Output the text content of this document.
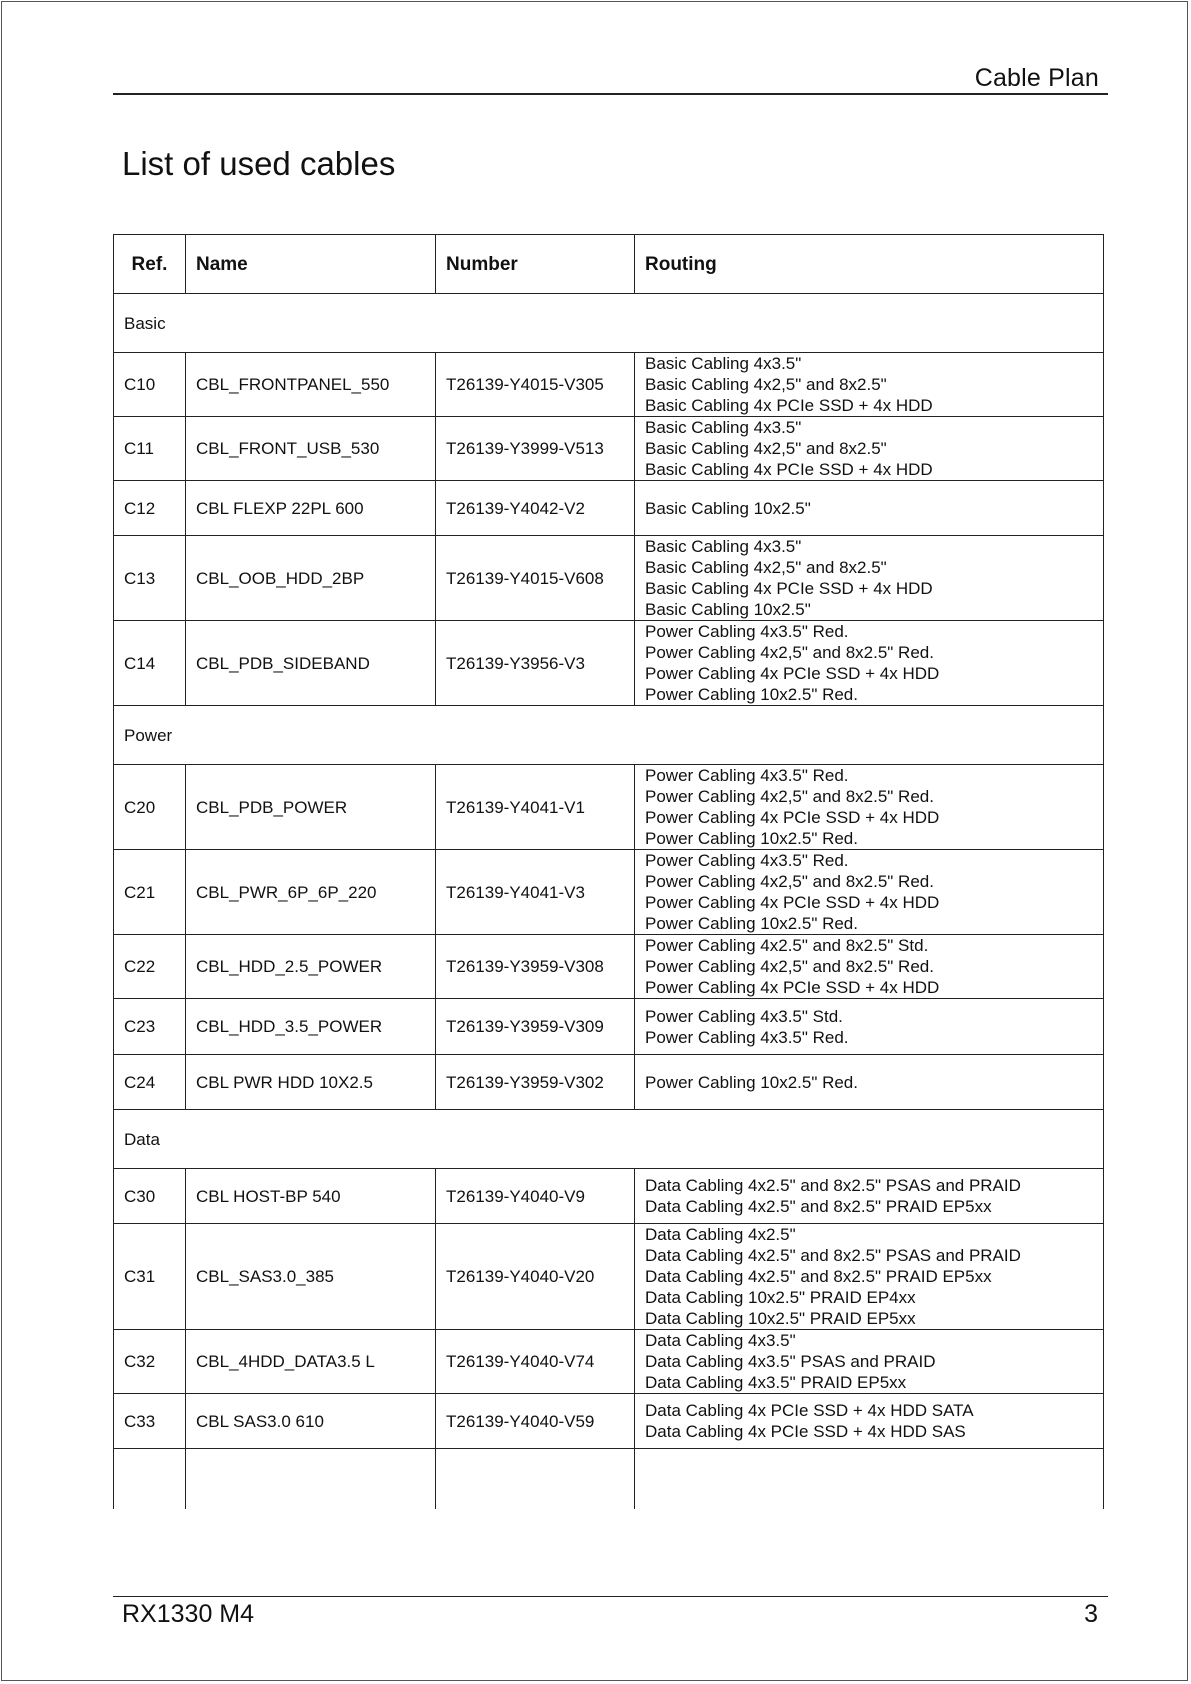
Cable Plan
List of used cables
Ref.	Name	Number	Routing
Basic			
C10	CBL_FRONTPANEL_550	T26139-Y4015-V305	Basic Cabling 4x3.5"
Basic Cabling 4x2,5" and 8x2.5"
Basic Cabling 4x PCIe SSD + 4x HDD

C11	CBL_FRONT_USB_530	T26139-Y3999-V513	Basic Cabling 4x3.5"
Basic Cabling 4x2,5" and 8x2.5"
Basic Cabling 4x PCIe SSD + 4x HDD

C12	CBL FLEXP 22PL 600	T26139-Y4042-V2	Basic Cabling 10x2.5"

C13	CBL_OOB_HDD_2BP	T26139-Y4015-V608	Basic Cabling 4x3.5"
Basic Cabling 4x2,5" and 8x2.5"
Basic Cabling 4x PCIe SSD + 4x HDD
Basic Cabling 10x2.5"

C14	CBL_PDB_SIDEBAND	T26139-Y3956-V3	Power Cabling 4x3.5" Red.
Power Cabling 4x2,5" and 8x2.5" Red.
Power Cabling 4x PCIe SSD + 4x HDD
Power Cabling 10x2.5" Red.

Power			
C20	CBL_PDB_POWER	T26139-Y4041-V1	Power Cabling 4x3.5" Red.
Power Cabling 4x2,5" and 8x2.5" Red.
Power Cabling 4x PCIe SSD + 4x HDD
Power Cabling 10x2.5" Red.

C21	CBL_PWR_6P_6P_220	T26139-Y4041-V3	Power Cabling 4x3.5" Red.
Power Cabling 4x2,5" and 8x2.5" Red.
Power Cabling 4x PCIe SSD + 4x HDD
Power Cabling 10x2.5" Red.

C22	CBL_HDD_2.5_POWER	T26139-Y3959-V308	Power Cabling 4x2.5" and 8x2.5" Std.
Power Cabling 4x2,5" and 8x2.5" Red.
Power Cabling 4x PCIe SSD + 4x HDD

C23	CBL_HDD_3.5_POWER	T26139-Y3959-V309	Power Cabling 4x3.5" Std.
Power Cabling 4x3.5" Red.

C24	CBL PWR HDD 10X2.5	T26139-Y3959-V302	Power Cabling 10x2.5" Red.

Data			
C30	CBL HOST-BP 540	T26139-Y4040-V9	Data Cabling 4x2.5" and 8x2.5" PSAS and PRAID
Data Cabling 4x2.5" and 8x2.5" PRAID EP5xx

C31	CBL_SAS3.0_385	T26139-Y4040-V20	Data Cabling 4x2.5"
Data Cabling 4x2.5" and 8x2.5" PSAS and PRAID
Data Cabling 4x2.5" and 8x2.5" PRAID EP5xx
Data Cabling 10x2.5" PRAID EP4xx
Data Cabling 10x2.5" PRAID EP5xx

C32	CBL_4HDD_DATA3.5 L	T26139-Y4040-V74	Data Cabling 4x3.5"
Data Cabling 4x3.5" PSAS and PRAID
Data Cabling 4x3.5" PRAID EP5xx

C33	CBL SAS3.0 610	T26139-Y4040-V59	Data Cabling 4x PCIe SSD + 4x HDD SATA
Data Cabling 4x PCIe SSD + 4x HDD SAS

RX1330 M4	3
